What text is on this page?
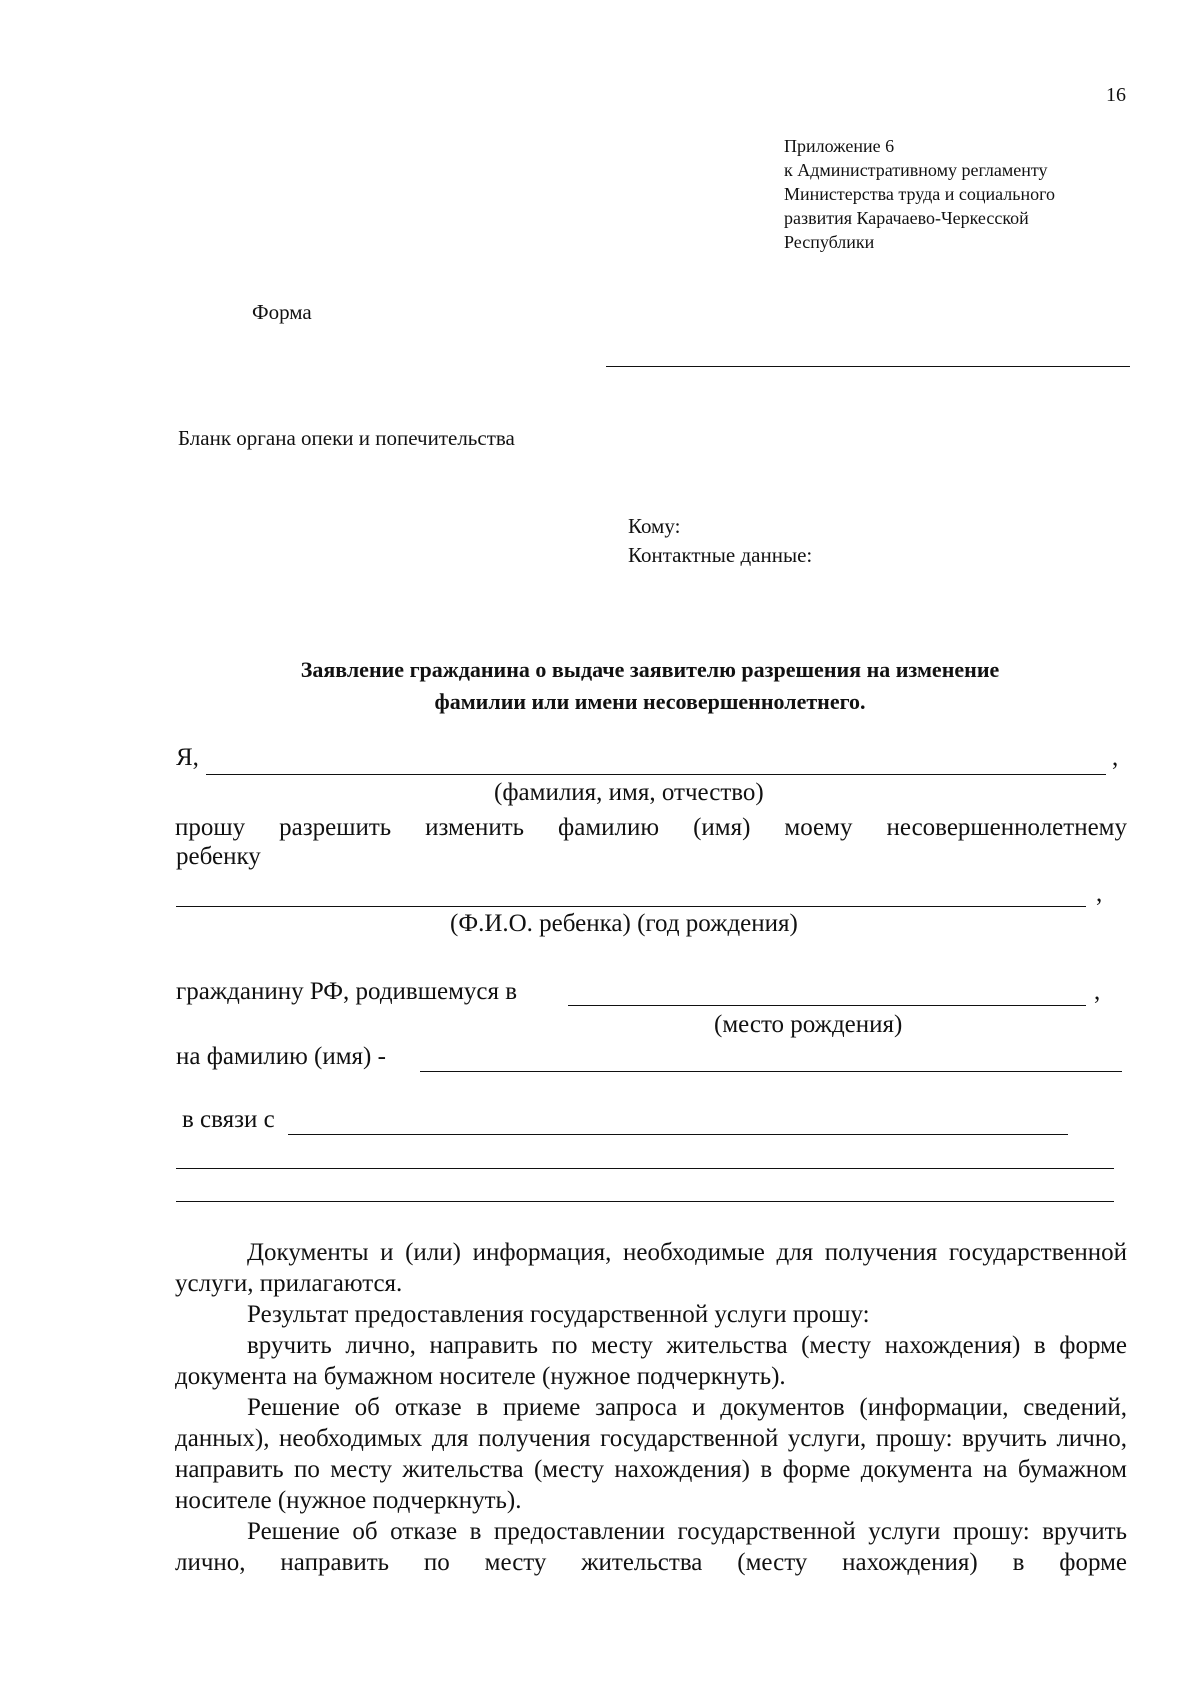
16
Приложение 6
к Административному регламенту
Министерства труда и социального
развития Карачаево-Черкесской
Республики
Форма
Бланк органа опеки и попечительства
Кому:
Контактные данные:
Заявление гражданина о выдаче заявителю разрешения на изменение
фамилии или имени несовершеннолетнего.
Я,	,
(фамилия, имя, отчество)
прошу разрешить изменить фамилию (имя) моему несовершеннолетнему
ребенку
,
(Ф.И.О. ребенка) (год рождения)
гражданину РФ, родившемуся в	,
(место рождения)
на фамилию (имя) -
в связи с

Документы и (или) информация, необходимые для получения государственной услуги, прилагаются.

Результат предоставления государственной услуги прошу:

вручить лично, направить по месту жительства (месту нахождения) в форме документа на бумажном носителе (нужное подчеркнуть).

Решение об отказе в приеме запроса и документов (информации, сведений, данных), необходимых для получения государственной услуги, прошу: вручить лично, направить по месту жительства (месту нахождения) в форме документа на бумажном носителе (нужное подчеркнуть).

Решение об отказе в предоставлении государственной услуги прошу: вручить лично, направить по месту жительства (месту нахождения) в форме
